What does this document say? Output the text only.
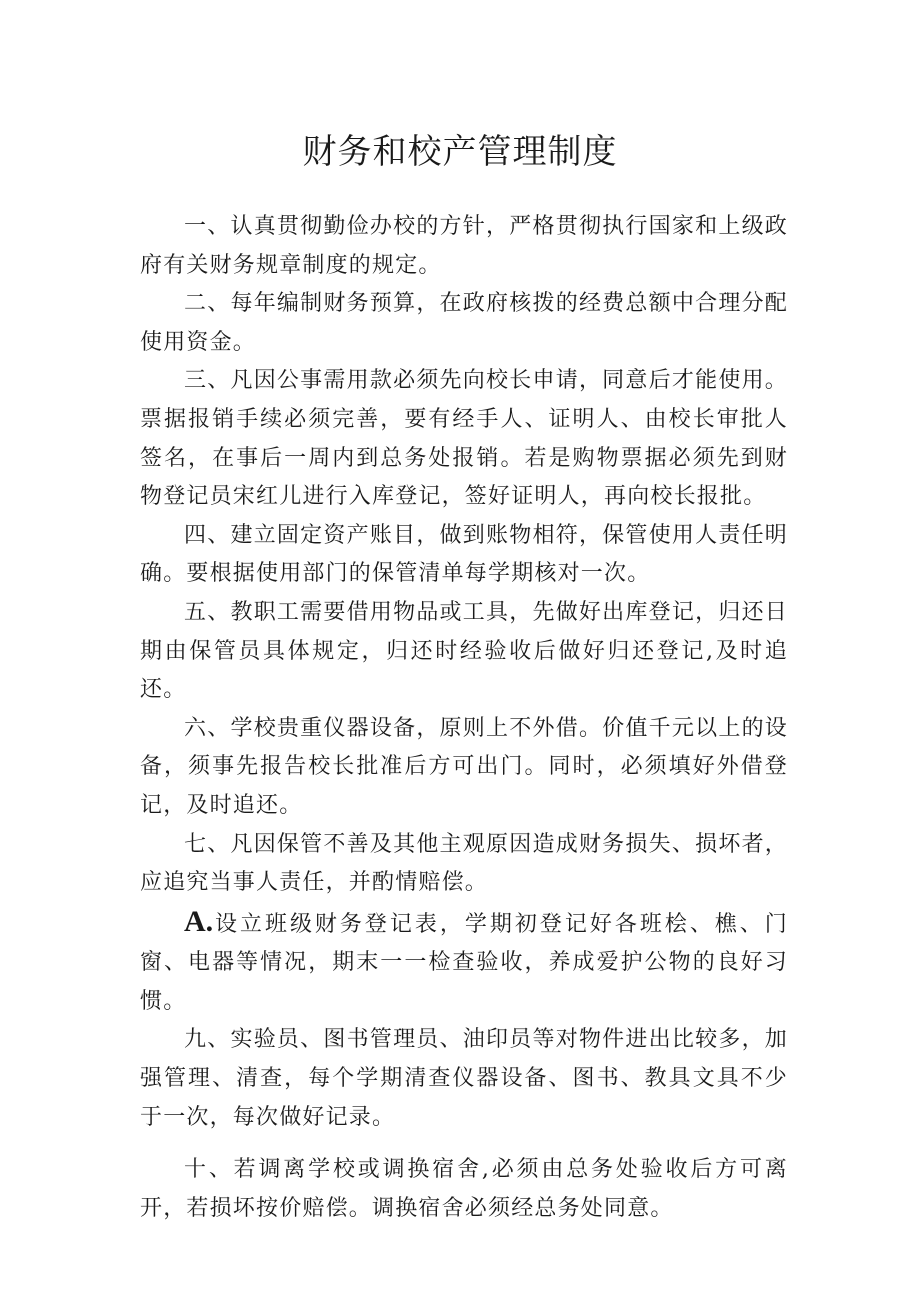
财务和校产管理制度

一、认真贯彻勤俭办校的方针，严格贯彻执行国家和上级政府有关财务规章制度的规定。

二、每年编制财务预算，在政府核拨的经费总额中合理分配使用资金。

三、凡因公事需用款必须先向校长申请，同意后才能使用。票据报销手续必须完善，要有经手人、证明人、由校长审批人签名，在事后一周内到总务处报销。若是购物票据必须先到财物登记员宋红儿进行入库登记，签好证明人，再向校长报批。

四、建立固定资产账目，做到账物相符，保管使用人责任明确。要根据使用部门的保管清单每学期核对一次。

五、教职工需要借用物品或工具，先做好出库登记，归还日期由保管员具体规定，归还时经验收后做好归还登记,及时追还。

六、学校贵重仪器设备，原则上不外借。价值千元以上的设备，须事先报告校长批准后方可出门。同时，必须填好外借登记，及时追还。

七、凡因保管不善及其他主观原因造成财务损失、损坏者，应追究当事人责任，并酌情赔偿。

A.设立班级财务登记表，学期初登记好各班桧、樵、门窗、电器等情况，期末一一检查验收，养成爱护公物的良好习惯。

九、实验员、图书管理员、油印员等对物件进出比较多，加强管理、清查，每个学期清查仪器设备、图书、教具文具不少于一次，每次做好记录。

十、若调离学校或调换宿舍,必须由总务处验收后方可离开，若损坏按价赔偿。调换宿舍必须经总务处同意。
